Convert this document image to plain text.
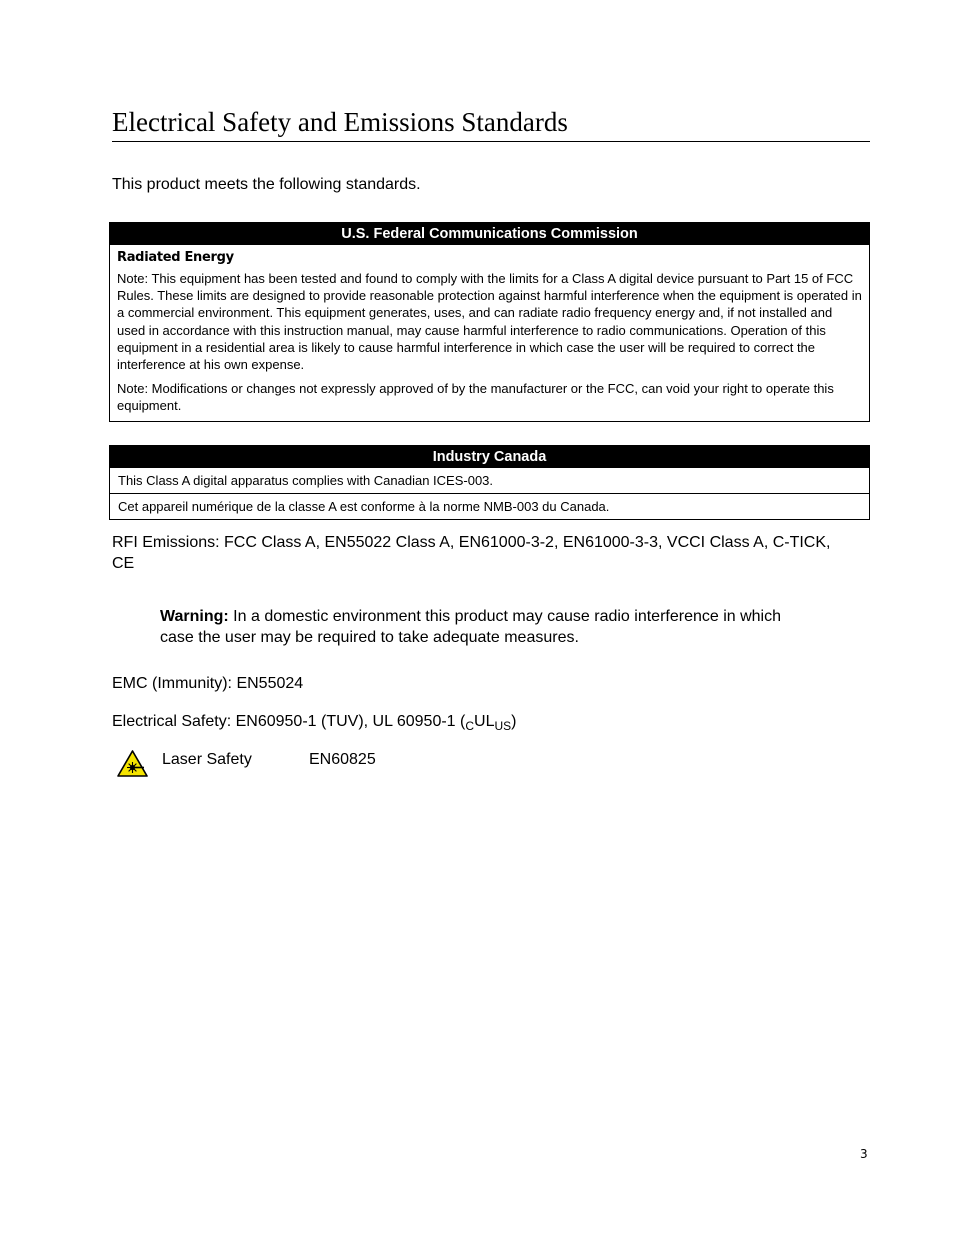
Electrical Safety and Emissions Standards

This product meets the following standards.

U.S. Federal Communications Commission
Radiated Energy

Note: This equipment has been tested and found to comply with the limits for a Class A digital device pursuant to Part 15 of FCC Rules. These limits are designed to provide reasonable protection against harmful interference when the equipment is operated in a commercial environment. This equipment generates, uses, and can radiate radio frequency energy and, if not installed and used in accordance with this instruction manual, may cause harmful interference to radio communications. Operation of this equipment in a residential area is likely to cause harmful interference in which case the user will be required to correct the interference at his own expense.

Note: Modifications or changes not expressly approved of by the manufacturer or the FCC, can void your right to operate this equipment.

Industry Canada
This Class A digital apparatus complies with Canadian ICES-003.
Cet appareil numérique de la classe A est conforme à la norme NMB-003 du Canada.

RFI Emissions: FCC Class A, EN55022 Class A, EN61000-3-2, EN61000-3-3, VCCI Class A, C-TICK, CE

Warning: In a domestic environment this product may cause radio interference in which case the user may be required to take adequate measures.

EMC (Immunity): EN55024

Electrical Safety: EN60950-1 (TUV), UL 60950-1 $(_CUL_{US})$

Laser Safety	EN60825
3
